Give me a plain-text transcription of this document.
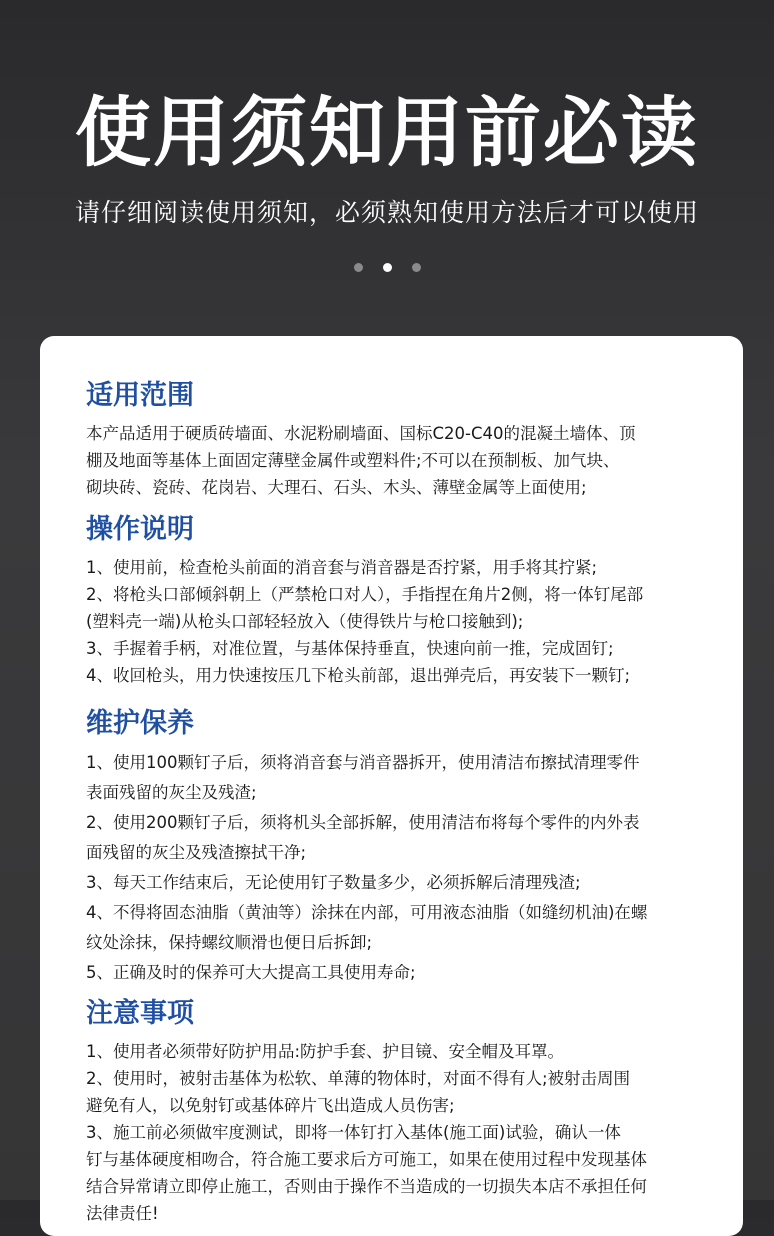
使用须知用前必读
请仔细阅读使用须知，必须熟知使用方法后才可以使用
适用范围

本产品适用于硬质砖墙面、水泥粉刷墙面、国标C20-C40的混凝土墙体、顶

棚及地面等基体上面固定薄壁金属件或塑料件;不可以在预制板、加气块、

砌块砖、瓷砖、花岗岩、大理石、石头、木头、薄壁金属等上面使用;

操作说明

1、使用前，检查枪头前面的消音套与消音器是否拧紧，用手将其拧紧;

2、将枪头口部倾斜朝上（严禁枪口对人），手指捏在角片2侧，将一体钉尾部

(塑料壳一端)从枪头口部轻轻放入（使得铁片与枪口接触到);

3、手握着手柄，对准位置，与基体保持垂直，快速向前一推，完成固钉;

4、收回枪头，用力快速按压几下枪头前部，退出弹壳后，再安装下一颗钉;

维护保养

1、使用100颗钉子后，须将消音套与消音器拆开，使用清洁布擦拭清理零件

表面残留的灰尘及残渣;

2、使用200颗钉子后，须将机头全部拆解，使用清洁布将每个零件的内外表

面残留的灰尘及残渣擦拭干净;

3、每天工作结束后，无论使用钉子数量多少，必须拆解后清理残渣;

4、不得将固态油脂（黄油等）涂抹在内部，可用液态油脂（如缝纫机油)在螺

纹处涂抹，保持螺纹顺滑也便日后拆卸;

5、正确及时的保养可大大提高工具使用寿命;

注意事项

1、使用者必须带好防护用品:防护手套、护目镜、安全帽及耳罩。

2、使用时，被射击基体为松软、单薄的物体时，对面不得有人;被射击周围

避免有人，以免射钉或基体碎片飞出造成人员伤害;

3、施工前必须做牢度测试，即将一体钉打入基体(施工面)试验，确认一体

钉与基体硬度相吻合，符合施工要求后方可施工，如果在使用过程中发现基体

结合异常请立即停止施工，否则由于操作不当造成的一切损失本店不承担任何

法律责任!
